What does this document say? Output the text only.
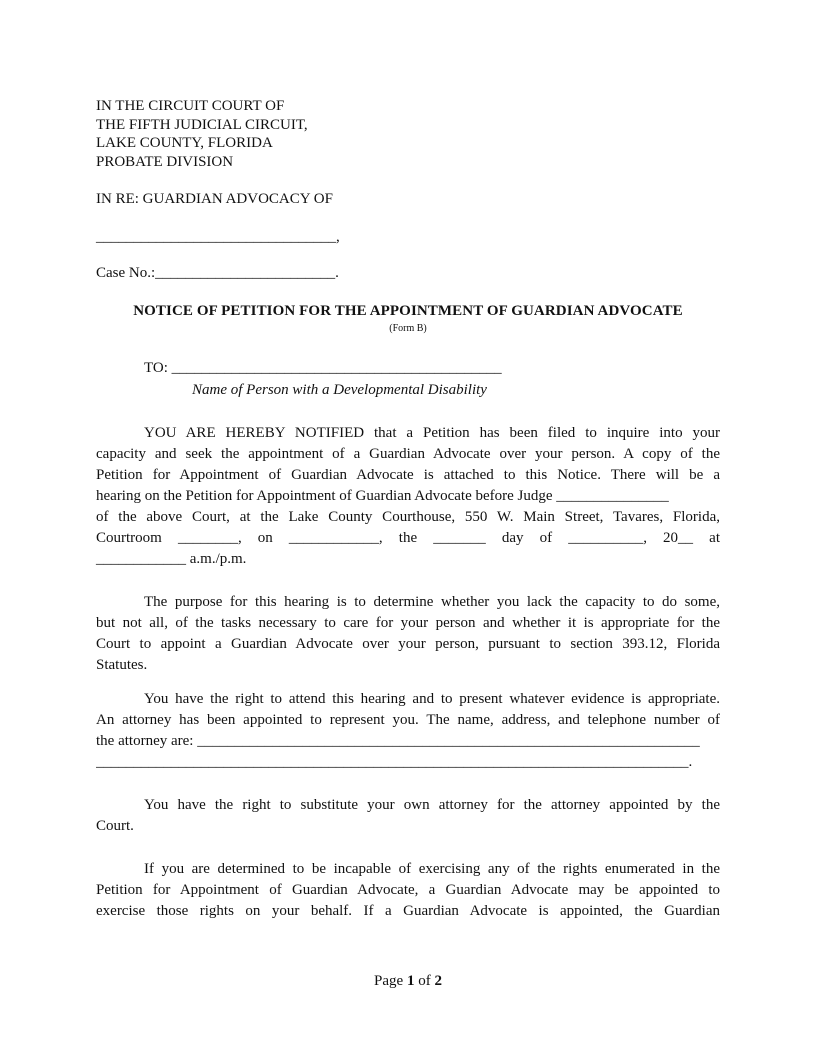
IN THE CIRCUIT COURT OF
THE FIFTH JUDICIAL CIRCUIT,
LAKE COUNTY, FLORIDA
PROBATE DIVISION
IN RE: GUARDIAN ADVOCACY OF
________________________________,
Case No.:________________________.
NOTICE OF PETITION FOR THE APPOINTMENT OF GUARDIAN ADVOCATE
(Form B)
TO: ____________________________________________
Name of Person with a Developmental Disability
YOU ARE HEREBY NOTIFIED that a Petition has been filed to inquire into your
capacity and seek the appointment of a Guardian Advocate over your person. A copy of the
Petition for Appointment of Guardian Advocate is attached to this Notice. There will be a
hearing on the Petition for Appointment of Guardian Advocate before Judge _______________
of the above Court, at the Lake County Courthouse, 550 W. Main Street, Tavares, Florida,
Courtroom ________, on ____________, the _______ day of __________, 20__ at
____________ a.m./p.m.
The purpose for this hearing is to determine whether you lack the capacity to do some,
but not all, of the tasks necessary to care for your person and whether it is appropriate for the
Court to appoint a Guardian Advocate over your person, pursuant to section 393.12, Florida
Statutes.
You have the right to attend this hearing and to present whatever evidence is appropriate.
An attorney has been appointed to represent you. The name, address, and telephone number of
the attorney are: ___________________________________________________________________
_______________________________________________________________________________.
You have the right to substitute your own attorney for the attorney appointed by the
Court.
If you are determined to be incapable of exercising any of the rights enumerated in the
Petition for Appointment of Guardian Advocate, a Guardian Advocate may be appointed to
exercise those rights on your behalf. If a Guardian Advocate is appointed, the Guardian
Page 1 of 2
